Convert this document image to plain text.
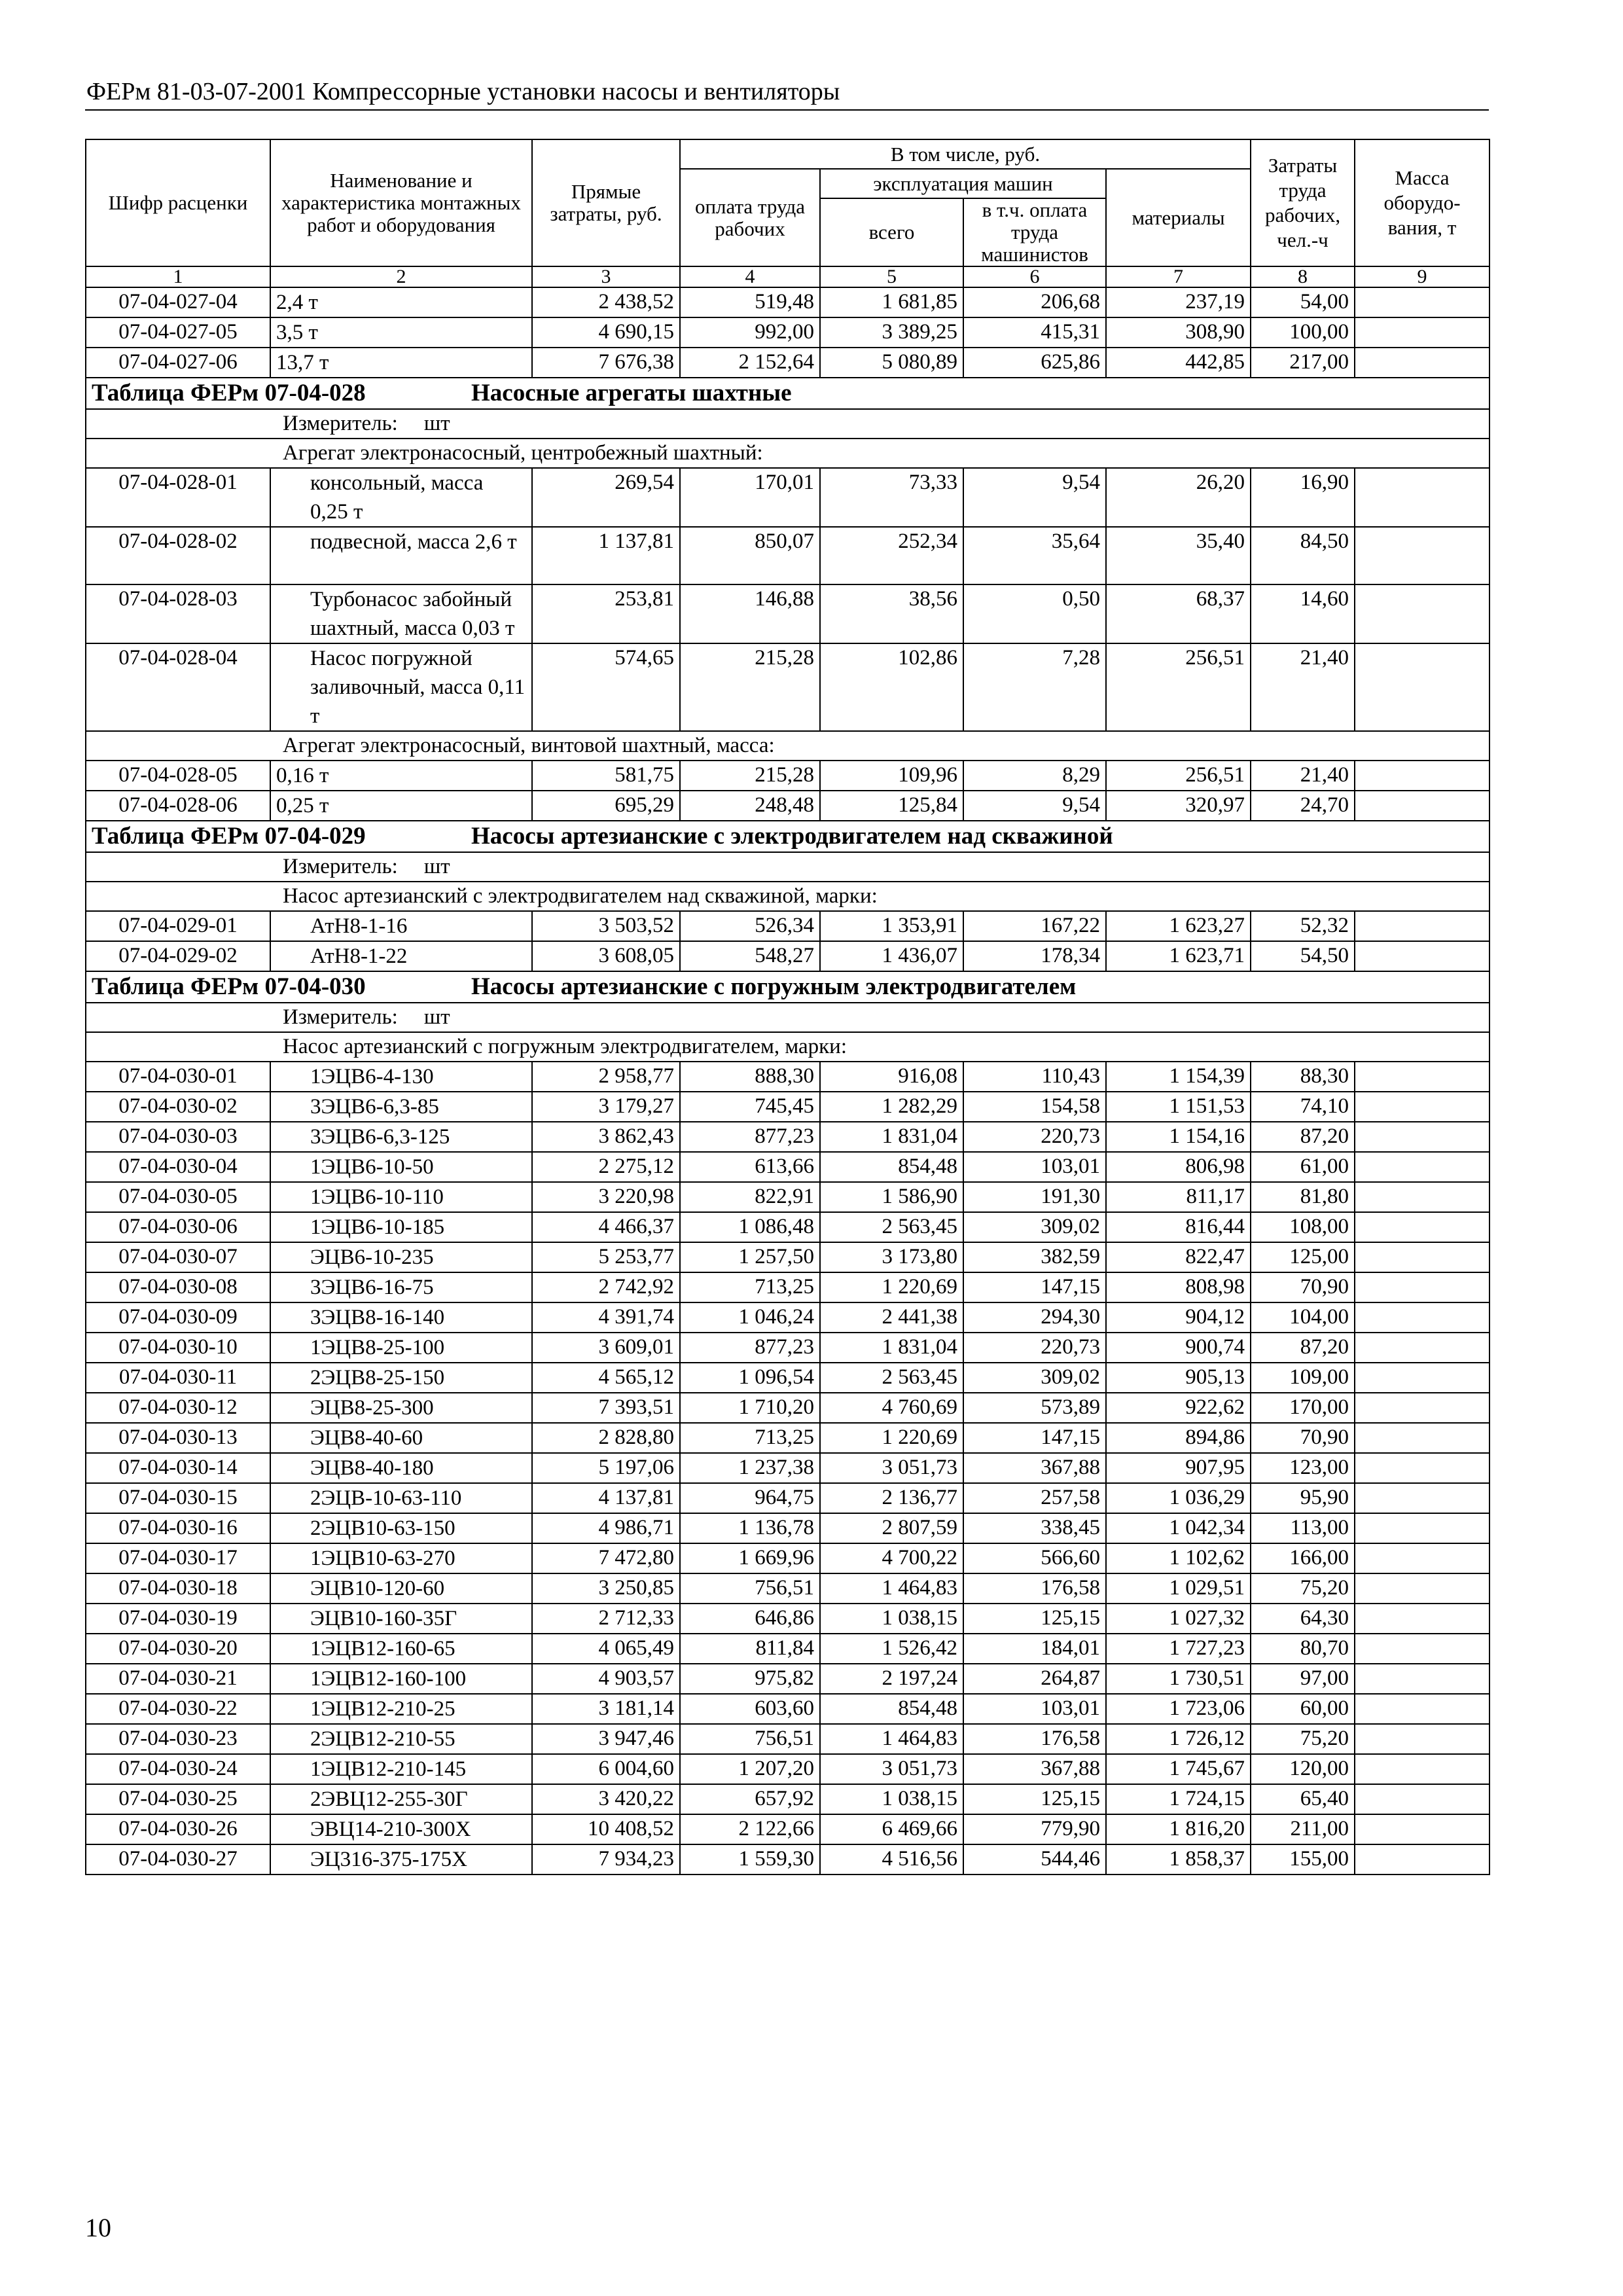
ФЕРм 81-03-07-2001 Компрессорные установки насосы и вентиляторы
Шифр расценки	Наименование и характеристика монтажных работ и оборудования	Прямые затраты, руб.	В том числе, руб.				Затраты труда рабочих, чел.-ч	Масса оборудо-вания, т
			оплата труда рабочих	эксплуатация машин		материалы		
				всего	в т.ч. оплата труда машинистов			
1	2	3	4	5	6	7	8	9
07-04-027-04	2,4 т	2 438,52	519,48	1 681,85	206,68	237,19	54,00	
07-04-027-05	3,5 т	4 690,15	992,00	3 389,25	415,31	308,90	100,00	
07-04-027-06	13,7 т	7 676,38	2 152,64	5 080,89	625,86	442,85	217,00	
Таблица ФЕРм 07-04-028 Насосные агрегаты шахтные								
Измеритель: шт								
Агрегат электронасосный, центробежный шахтный:								
07-04-028-01	консольный, масса 0,25 т	269,54	170,01	73,33	9,54	26,20	16,90	
07-04-028-02	подвесной, масса 2,6 т	1 137,81	850,07	252,34	35,64	35,40	84,50	
07-04-028-03	Турбонасос забойный шахтный, масса 0,03 т	253,81	146,88	38,56	0,50	68,37	14,60	
07-04-028-04	Насос погружной заливочный, масса 0,11 т	574,65	215,28	102,86	7,28	256,51	21,40	
Агрегат электронасосный, винтовой шахтный, масса:								
07-04-028-05	0,16 т	581,75	215,28	109,96	8,29	256,51	21,40	
07-04-028-06	0,25 т	695,29	248,48	125,84	9,54	320,97	24,70	
Таблица ФЕРм 07-04-029 Насосы артезианские с электродвигателем над скважиной								
Измеритель: шт								
Насос артезианский с электродвигателем над скважиной, марки:								
07-04-029-01	АтН8-1-16	3 503,52	526,34	1 353,91	167,22	1 623,27	52,32	
07-04-029-02	АтН8-1-22	3 608,05	548,27	1 436,07	178,34	1 623,71	54,50	
Таблица ФЕРм 07-04-030 Насосы артезианские с погружным электродвигателем								
Измеритель: шт								
Насос артезианский с погружным электродвигателем, марки:								
07-04-030-01	1ЭЦВ6-4-130	2 958,77	888,30	916,08	110,43	1 154,39	88,30	
07-04-030-02	3ЭЦВ6-6,3-85	3 179,27	745,45	1 282,29	154,58	1 151,53	74,10	
07-04-030-03	3ЭЦВ6-6,3-125	3 862,43	877,23	1 831,04	220,73	1 154,16	87,20	
07-04-030-04	1ЭЦВ6-10-50	2 275,12	613,66	854,48	103,01	806,98	61,00	
07-04-030-05	1ЭЦВ6-10-110	3 220,98	822,91	1 586,90	191,30	811,17	81,80	
07-04-030-06	1ЭЦВ6-10-185	4 466,37	1 086,48	2 563,45	309,02	816,44	108,00	
07-04-030-07	ЭЦВ6-10-235	5 253,77	1 257,50	3 173,80	382,59	822,47	125,00	
07-04-030-08	3ЭЦВ6-16-75	2 742,92	713,25	1 220,69	147,15	808,98	70,90	
07-04-030-09	3ЭЦВ8-16-140	4 391,74	1 046,24	2 441,38	294,30	904,12	104,00	
07-04-030-10	1ЭЦВ8-25-100	3 609,01	877,23	1 831,04	220,73	900,74	87,20	
07-04-030-11	2ЭЦВ8-25-150	4 565,12	1 096,54	2 563,45	309,02	905,13	109,00	
07-04-030-12	ЭЦВ8-25-300	7 393,51	1 710,20	4 760,69	573,89	922,62	170,00	
07-04-030-13	ЭЦВ8-40-60	2 828,80	713,25	1 220,69	147,15	894,86	70,90	
07-04-030-14	ЭЦВ8-40-180	5 197,06	1 237,38	3 051,73	367,88	907,95	123,00	
07-04-030-15	2ЭЦВ-10-63-110	4 137,81	964,75	2 136,77	257,58	1 036,29	95,90	
07-04-030-16	2ЭЦВ10-63-150	4 986,71	1 136,78	2 807,59	338,45	1 042,34	113,00	
07-04-030-17	1ЭЦВ10-63-270	7 472,80	1 669,96	4 700,22	566,60	1 102,62	166,00	
07-04-030-18	ЭЦВ10-120-60	3 250,85	756,51	1 464,83	176,58	1 029,51	75,20	
07-04-030-19	ЭЦВ10-160-35Г	2 712,33	646,86	1 038,15	125,15	1 027,32	64,30	
07-04-030-20	1ЭЦВ12-160-65	4 065,49	811,84	1 526,42	184,01	1 727,23	80,70	
07-04-030-21	1ЭЦВ12-160-100	4 903,57	975,82	2 197,24	264,87	1 730,51	97,00	
07-04-030-22	1ЭЦВ12-210-25	3 181,14	603,60	854,48	103,01	1 723,06	60,00	
07-04-030-23	2ЭЦВ12-210-55	3 947,46	756,51	1 464,83	176,58	1 726,12	75,20	
07-04-030-24	1ЭЦВ12-210-145	6 004,60	1 207,20	3 051,73	367,88	1 745,67	120,00	
07-04-030-25	2ЭВЦ12-255-30Г	3 420,22	657,92	1 038,15	125,15	1 724,15	65,40	
07-04-030-26	ЭВЦ14-210-300Х	10 408,52	2 122,66	6 469,66	779,90	1 816,20	211,00	
07-04-030-27	ЭЦ316-375-175Х	7 934,23	1 559,30	4 516,56	544,46	1 858,37	155,00	
10
